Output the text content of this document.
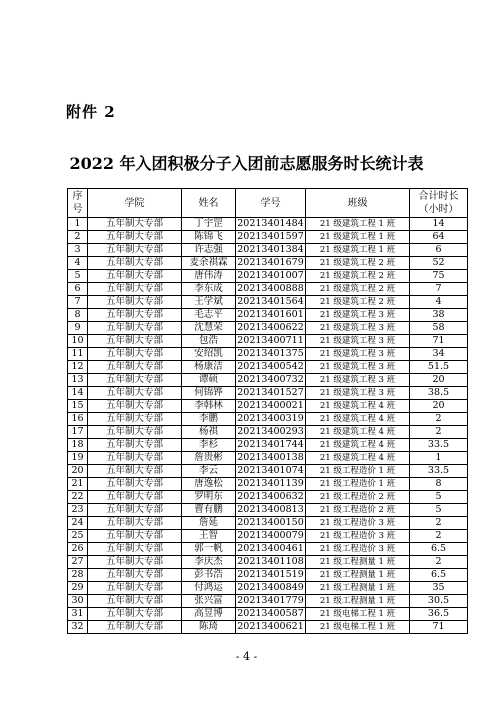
附件 2
2022 年入团积极分子入团前志愿服务时长统计表
序号	学院	姓名	学号	班级	合计时长（小时）
1	五年制大专部	丁宇罡	20213401484	21 级建筑工程 1 班	14
2	五年制大专部	陈锦飞	20213401597	21 级建筑工程 1 班	64
3	五年制大专部	许志强	20213401384	21 级建筑工程 1 班	6
4	五年制大专部	麦余祺霖	20213401679	21 级建筑工程 2 班	52
5	五年制大专部	唐伟涛	20213401007	21 级建筑工程 2 班	75
6	五年制大专部	李东成	20213400888	21 级建筑工程 2 班	7
7	五年制大专部	王学斌	20213401564	21 级建筑工程 2 班	4
8	五年制大专部	毛志平	20213401601	21 级建筑工程 3 班	38
9	五年制大专部	沈慧荣	20213400622	21 级建筑工程 3 班	58
10	五年制大专部	包浩	20213400711	21 级建筑工程 3 班	71
11	五年制大专部	安绍凯	20213401375	21 级建筑工程 3 班	34
12	五年制大专部	杨康洁	20213400542	21 级建筑工程 3 班	51.5
13	五年制大专部	谭硕	20213400732	21 级建筑工程 3 班	20
14	五年制大专部	何锦铧	20213401527	21 级建筑工程 3 班	38.5
15	五年制大专部	李韩林	20213400021	21 级建筑工程 4 班	20
16	五年制大专部	李鹏	20213400319	21 级建筑工程 4 班	2
17	五年制大专部	杨祺	20213400293	21 级建筑工程 4 班	2
18	五年制大专部	李杉	20213401744	21 级建筑工程 4 班	33.5
19	五年制大专部	詹贵彬	20213400138	21 级建筑工程 4 班	1
20	五年制大专部	李云	20213401074	21 级工程造价 1 班	33.5
21	五年制大专部	唐逸松	20213401139	21 级工程造价 1 班	8
22	五年制大专部	罗明东	20213400632	21 级工程造价 2 班	5
23	五年制大专部	曹有鹏	20213400813	21 级工程造价 2 班	5
24	五年制大专部	詹延	20213400150	21 级工程造价 3 班	2
25	五年制大专部	王智	20213400079	21 级工程造价 3 班	2
26	五年制大专部	郭一帆	20213400461	21 级工程造价 3 班	6.5
27	五年制大专部	李庆杰	20213401108	21 级工程测量 1 班	2
28	五年制大专部	彭书浩	20213401519	21 级工程测量 1 班	6.5
29	五年制大专部	付鸿运	20213400849	21 级工程测量 1 班	35
30	五年制大专部	张兴富	20213401779	21 级工程测量 1 班	30.5
31	五年制大专部	高昱博	20213400587	21 级电梯工程 1 班	36.5
32	五年制大专部	陈琦	20213400621	21 级电梯工程 1 班	71
- 4 -
